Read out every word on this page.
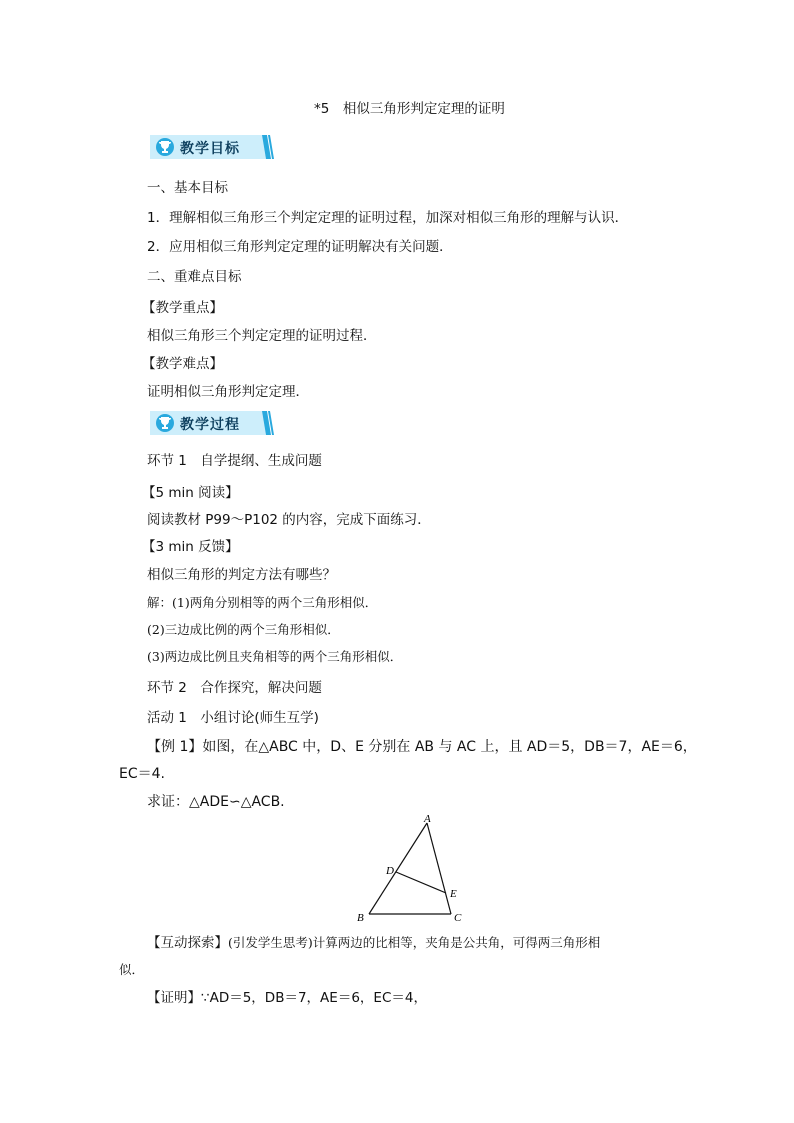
*5　相似三角形判定定理的证明
教学目标
一、基本目标
1．理解相似三角形三个判定定理的证明过程，加深对相似三角形的理解与认识．
2．应用相似三角形判定定理的证明解决有关问题．
二、重难点目标
【教学重点】
相似三角形三个判定定理的证明过程．
【教学难点】
证明相似三角形判定定理．
教学过程
环节 1　自学提纲、生成问题
【5 min 阅读】
阅读教材 P99～P102 的内容，完成下面练习．
【3 min 反馈】
相似三角形的判定方法有哪些？
解：(1)两角分别相等的两个三角形相似．
(2)三边成比例的两个三角形相似．
(3)两边成比例且夹角相等的两个三角形相似．
环节 2　合作探究，解决问题
活动 1　小组讨论(师生互学)
【例 1】如图，在△ABC 中，D、E 分别在 AB 与 AC 上，且 AD＝5，DB＝7，AE＝6，
EC＝4.
求证：△ADE∽△ACB.
A
B	C
D
E
【互动探索】(引发学生思考)计算两边的比相等，夹角是公共角，可得两三角形相
似．
【证明】∵AD＝5，DB＝7，AE＝6，EC＝4，
